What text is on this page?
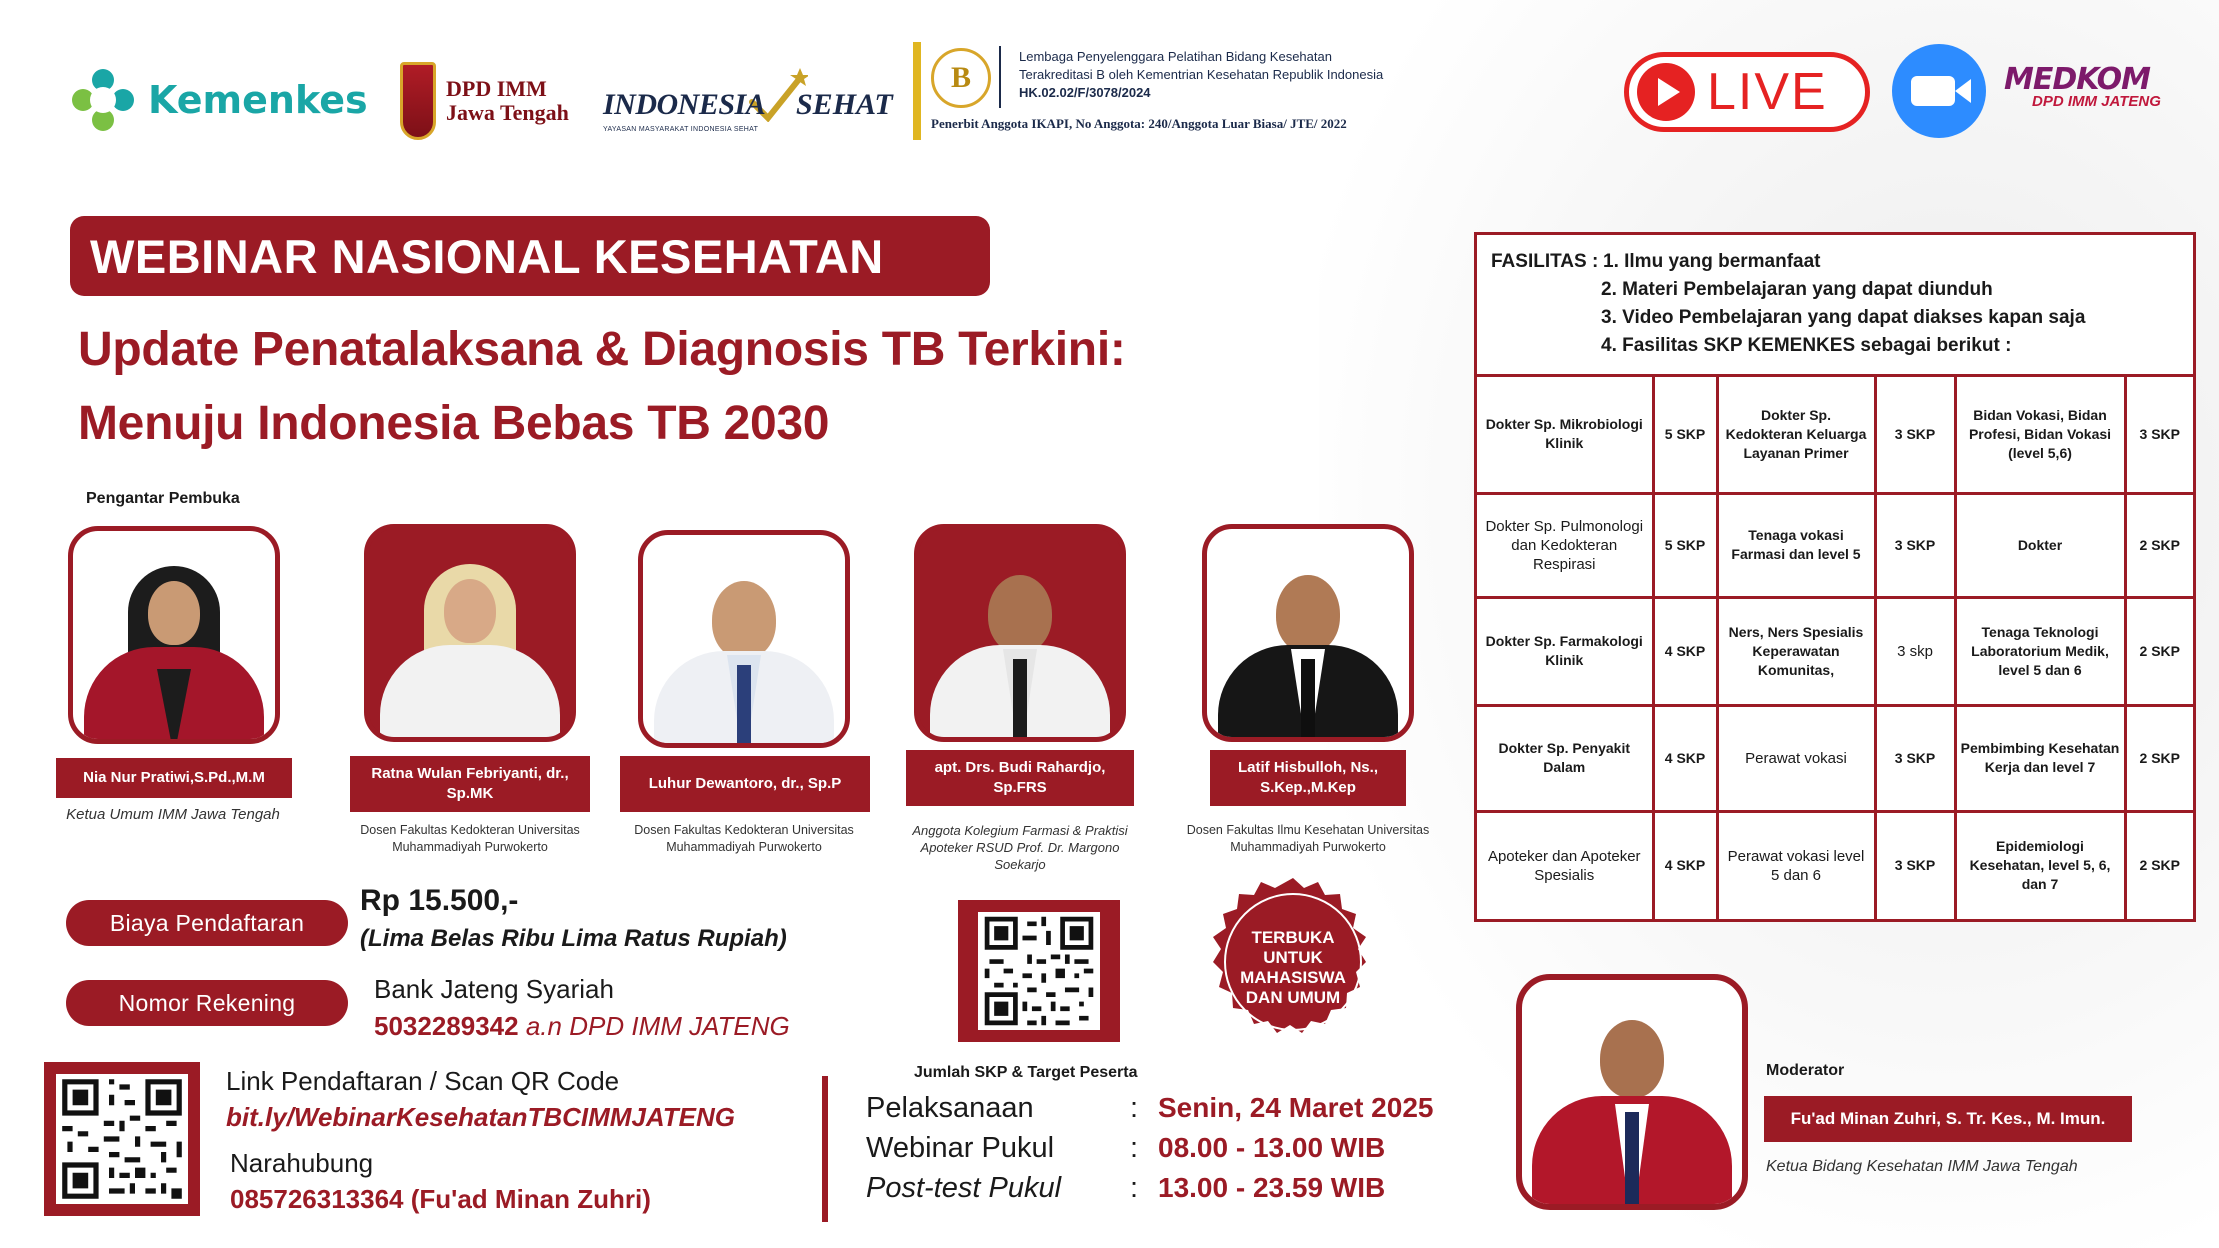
Kemenkes	DPD IMM
Jawa Tengah INDONESIA SEHAT
YAYASAN MASYARAKAT INDONESIA SEHAT
B
Lembaga Penyelenggara Pelatihan Bidang Kesehatan
Terakreditasi B oleh Kementrian Kesehatan Republik Indonesia
HK.02.02/F/3078/2024
Penerbit Anggota IKAPI, No Anggota: 240/Anggota Luar Biasa/ JTE/ 2022
LIVE	MEDKOM
DPD IMM JATENG
WEBINAR NASIONAL KESEHATAN
Update Penatalaksana & Diagnosis TB Terkini:
Menuju Indonesia Bebas TB 2030
Pengantar Pembuka
Nia Nur Pratiwi,S.Pd.,M.M
Ketua Umum IMM Jawa Tengah
Ratna Wulan Febriyanti, dr., Sp.MK
Dosen Fakultas Kedokteran Universitas Muhammadiyah Purwokerto
Luhur Dewantoro, dr., Sp.P
Dosen Fakultas Kedokteran Universitas Muhammadiyah Purwokerto
apt. Drs. Budi Rahardjo, Sp.FRS
Anggota Kolegium Farmasi & Praktisi Apoteker RSUD Prof. Dr. Margono Soekarjo
Latif Hisbulloh, Ns., S.Kep.,M.Kep
Dosen Fakultas Ilmu Kesehatan Universitas Muhammadiyah Purwokerto
Biaya Pendaftaran
Rp 15.500,-
(Lima Belas Ribu Lima Ratus Rupiah)
Nomor Rekening	Bank Jateng Syariah
5032289342 a.n DPD IMM JATENG
Link Pendaftaran / Scan QR Code
bit.ly/WebinarKesehatanTBCIMMJATENG
Narahubung
085726313364 (Fu'ad Minan Zuhri)
Jumlah SKP & Target Peserta
Pelaksanaan	: Senin, 24 Maret 2025
Webinar Pukul	: 08.00 - 13.00 WIB
Post-test Pukul : 13.00 - 23.59 WIB
TERBUKA
UNTUK
MAHASISWA
DAN UMUM
FASILITAS : 1. Ilmu yang bermanfaat
2. Materi Pembelajaran yang dapat diunduh
3. Video Pembelajaran yang dapat diakses kapan saja
4. Fasilitas SKP KEMENKES sebagai berikut :
Dokter Sp. Mikrobiologi Klinik	5 SKP	Dokter Sp. Kedokteran Keluarga Layanan Primer	3 SKP	Bidan Vokasi, Bidan Profesi, Bidan Vokasi (level 5,6)	3 SKP
Dokter Sp. Pulmonologi dan Kedokteran Respirasi	5 SKP	Tenaga vokasi Farmasi dan level 5	3 SKP	Dokter	2 SKP
Dokter Sp. Farmakologi Klinik	4 SKP	Ners, Ners Spesialis Keperawatan Komunitas,	3 skp	Tenaga Teknologi Laboratorium Medik, level 5 dan 6	2 SKP
Dokter Sp. Penyakit Dalam	4 SKP	Perawat vokasi	3 SKP	Pembimbing Kesehatan Kerja dan level 7	2 SKP
Apoteker dan Apoteker Spesialis	4 SKP	Perawat vokasi level 5 dan 6	3 SKP	Epidemiologi Kesehatan, level 5, 6, dan 7	2 SKP
Moderator
Fu'ad Minan Zuhri, S. Tr. Kes., M. Imun.
Ketua Bidang Kesehatan IMM Jawa Tengah
